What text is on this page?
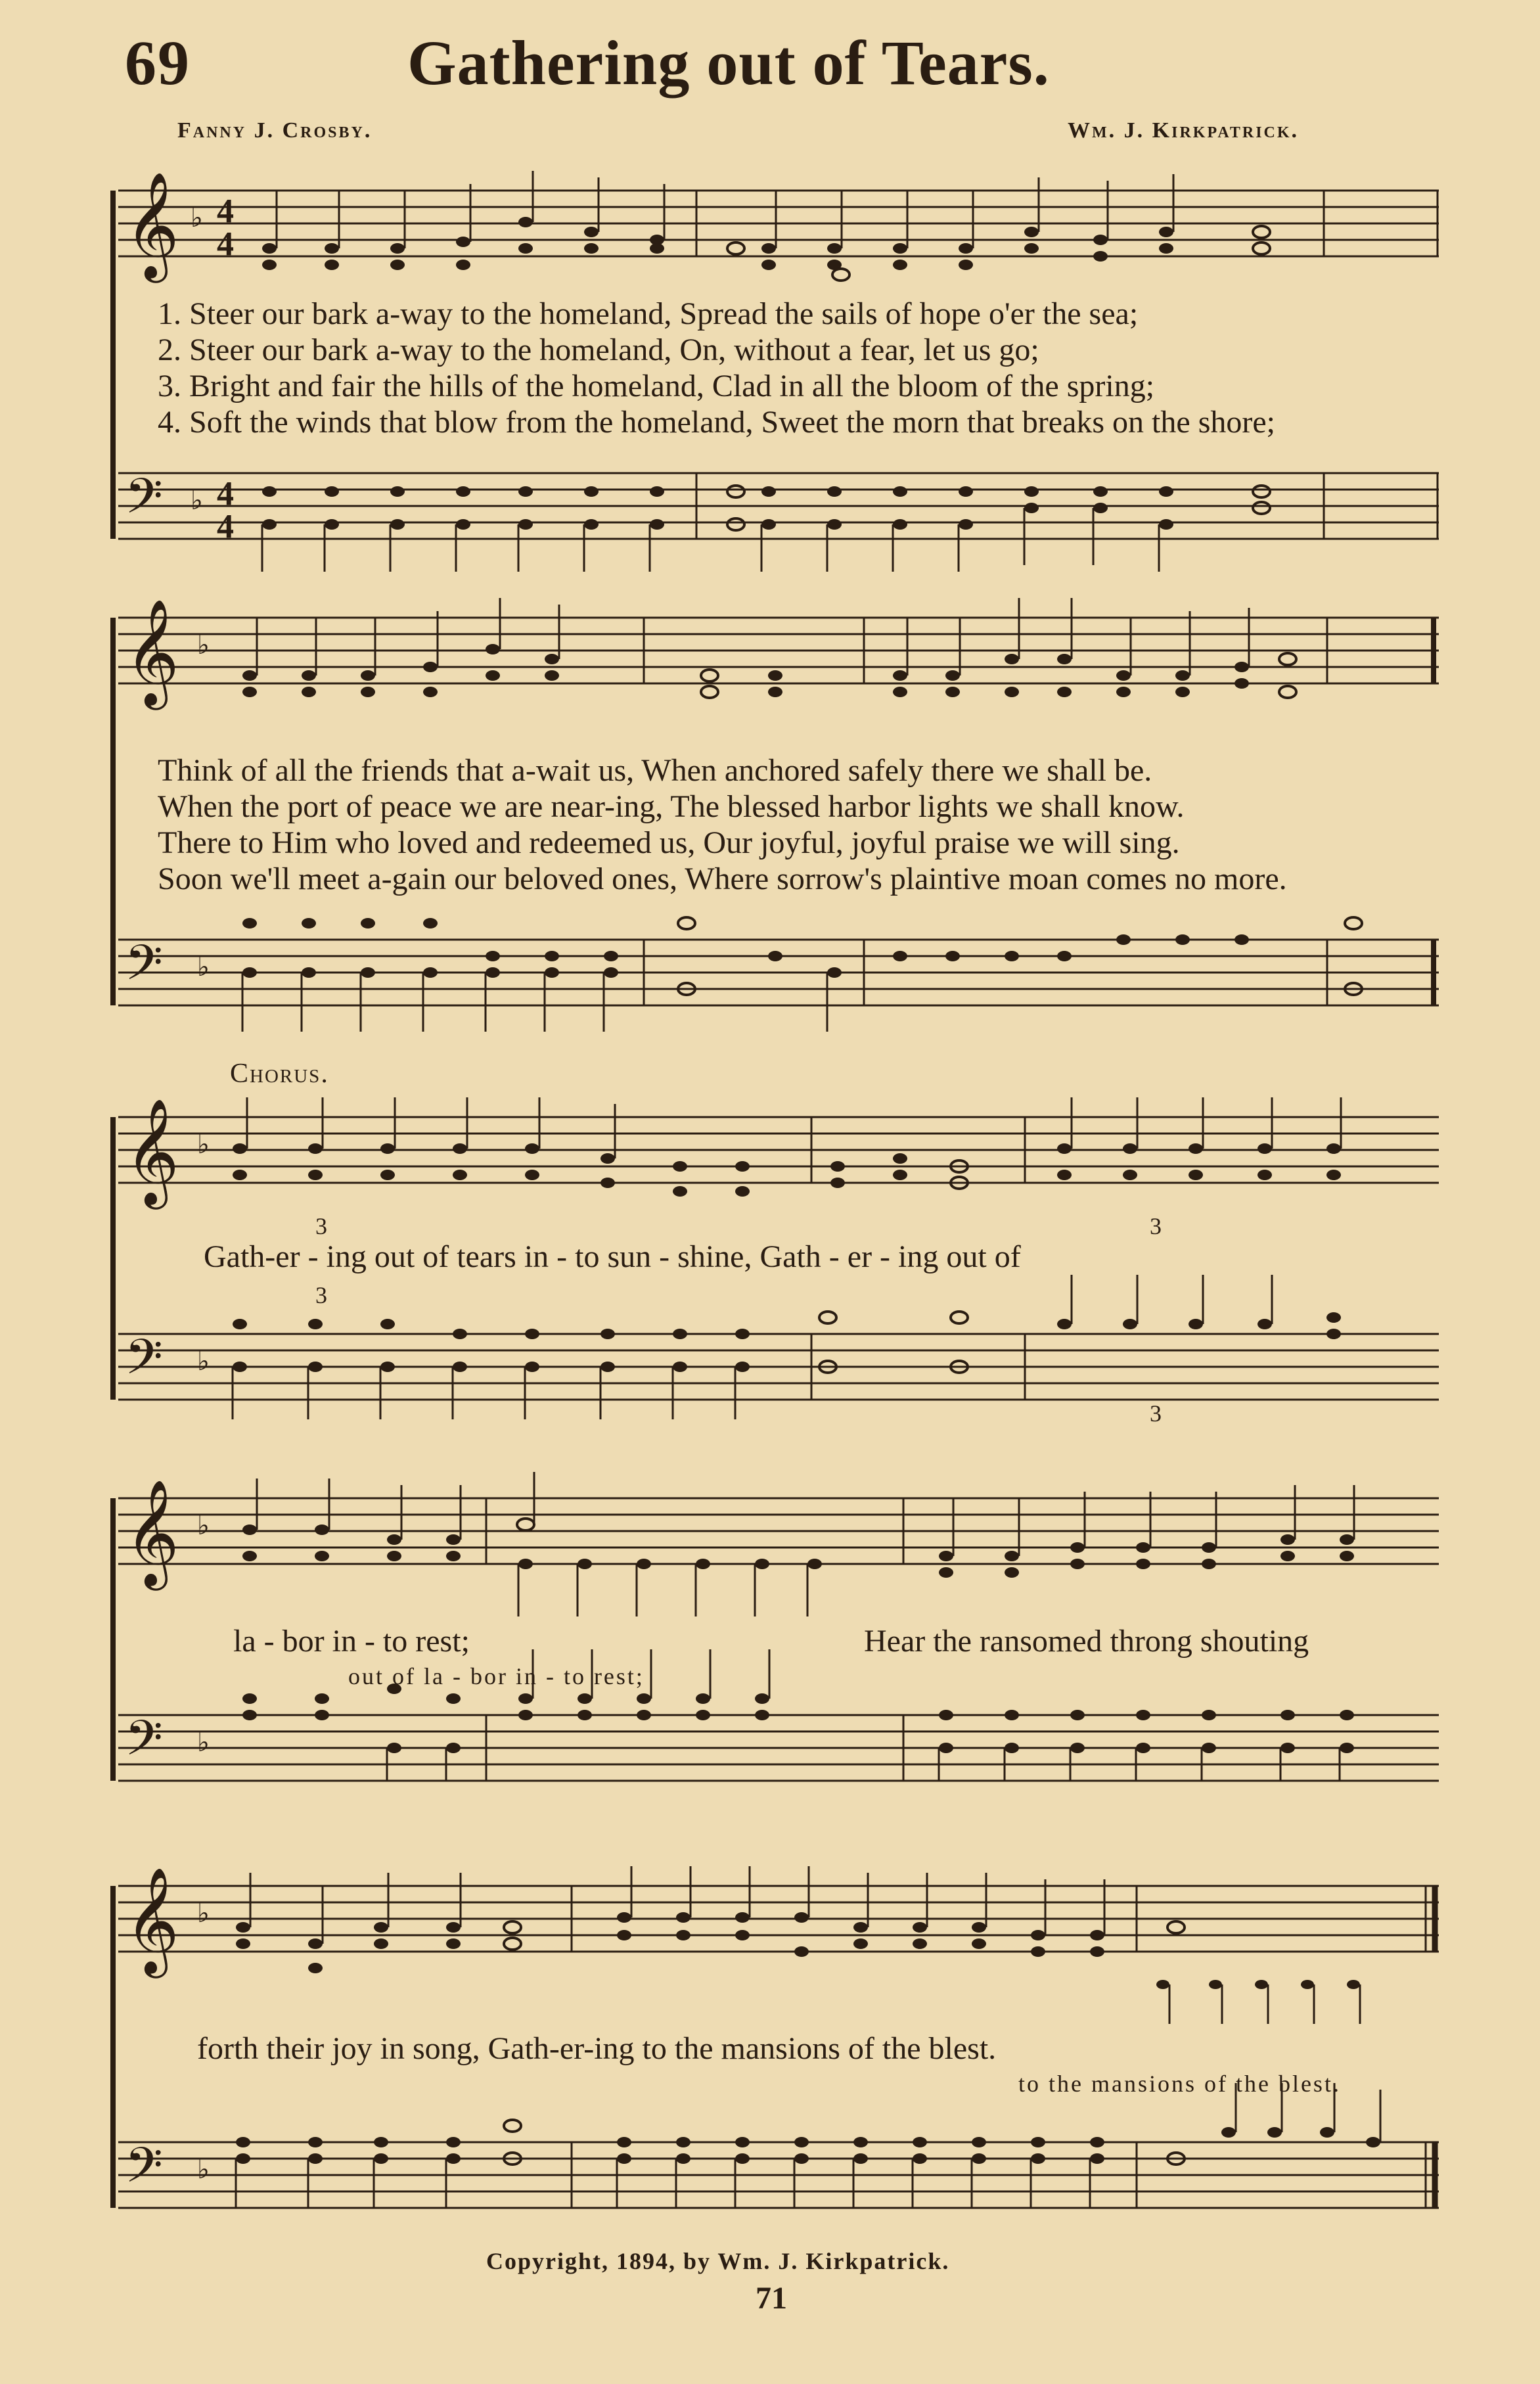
69	Gathering out of Tears.
Fanny J. Crosby.	Wm. J. Kirkpatrick.
𝄞
𝄢
♭
♭
4
4
4
4
1. Steer our bark a-way to the homeland, Spread the sails of hope o'er the sea;
2. Steer our bark a-way to the homeland, On, without a fear, let us go;
3. Bright and fair the hills of the homeland, Clad in all the bloom of the spring;
4. Soft the winds that blow from the homeland, Sweet the morn that breaks on the shore;
𝄞
𝄢
♭
♭
Think of all the friends that a-wait us, When anchored safely there we shall be.
When the port of peace we are near-ing, The blessed harbor lights we shall know.
There to Him who loved and redeemed us, Our joyful, joyful praise we will sing.
Soon we'll meet a-gain our beloved ones, Where sorrow's plaintive moan comes no more.
Chorus.
𝄞
𝄢
♭
♭
3	3
3
3
Gath-er - ing out of tears in - to sun - shine, Gath - er - ing out of
𝄞
𝄢
♭
♭
la - bor in - to rest;	Hear the ransomed throng shouting
out of la - bor in - to rest;
𝄞
𝄢
♭
♭
forth their joy in song, Gath-er-ing to the mansions of the blest.
to the mansions of the blest.
Copyright, 1894, by Wm. J. Kirkpatrick.
71
